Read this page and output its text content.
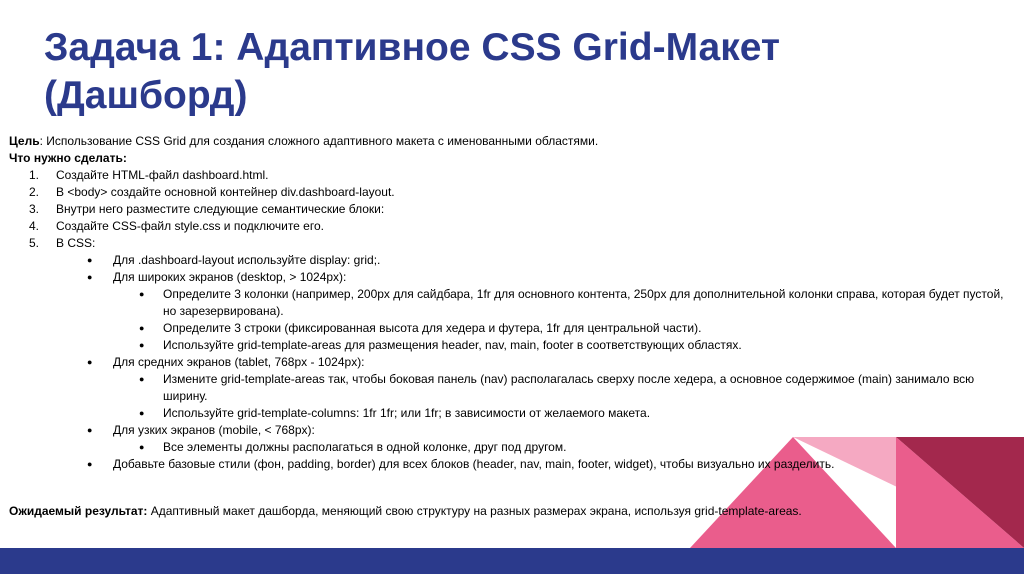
Задача 1: Адаптивное CSS Grid-Макет (Дашборд)
Цель: Использование CSS Grid для создания сложного адаптивного макета с именованными областями.
Что нужно сделать:
1.	Создайте HTML-файл dashboard.html.
2.	В <body> создайте основной контейнер div.dashboard-layout.
3.	Внутри него разместите следующие семантические блоки:
4.	Создайте CSS-файл style.css и подключите его.
5.	В CSS:
●	Для .dashboard-layout используйте display: grid;.
●	Для широких экранов (desktop, > 1024px):
●	Определите 3 колонки (например, 200px для сайдбара, 1fr для основного контента, 250px для дополнительной колонки справа, которая будет пустой, но зарезервирована).
●	Определите 3 строки (фиксированная высота для хедера и футера, 1fr для центральной части).
●	Используйте grid-template-areas для размещения header, nav, main, footer в соответствующих областях.
●	Для средних экранов (tablet, 768px - 1024px):
●	Измените grid-template-areas так, чтобы боковая панель (nav) располагалась сверху после хедера, а основное содержимое (main) занимало всю ширину.
●	Используйте grid-template-columns: 1fr 1fr; или 1fr; в зависимости от желаемого макета.
●	Для узких экранов (mobile, < 768px):
●	Все элементы должны располагаться в одной колонке, друг под другом.
●	Добавьте базовые стили (фон, padding, border) для всех блоков (header, nav, main, footer, widget), чтобы визуально их разделить.
Ожидаемый результат: Адаптивный макет дашборда, меняющий свою структуру на разных размерах экрана, используя grid-template-areas.
